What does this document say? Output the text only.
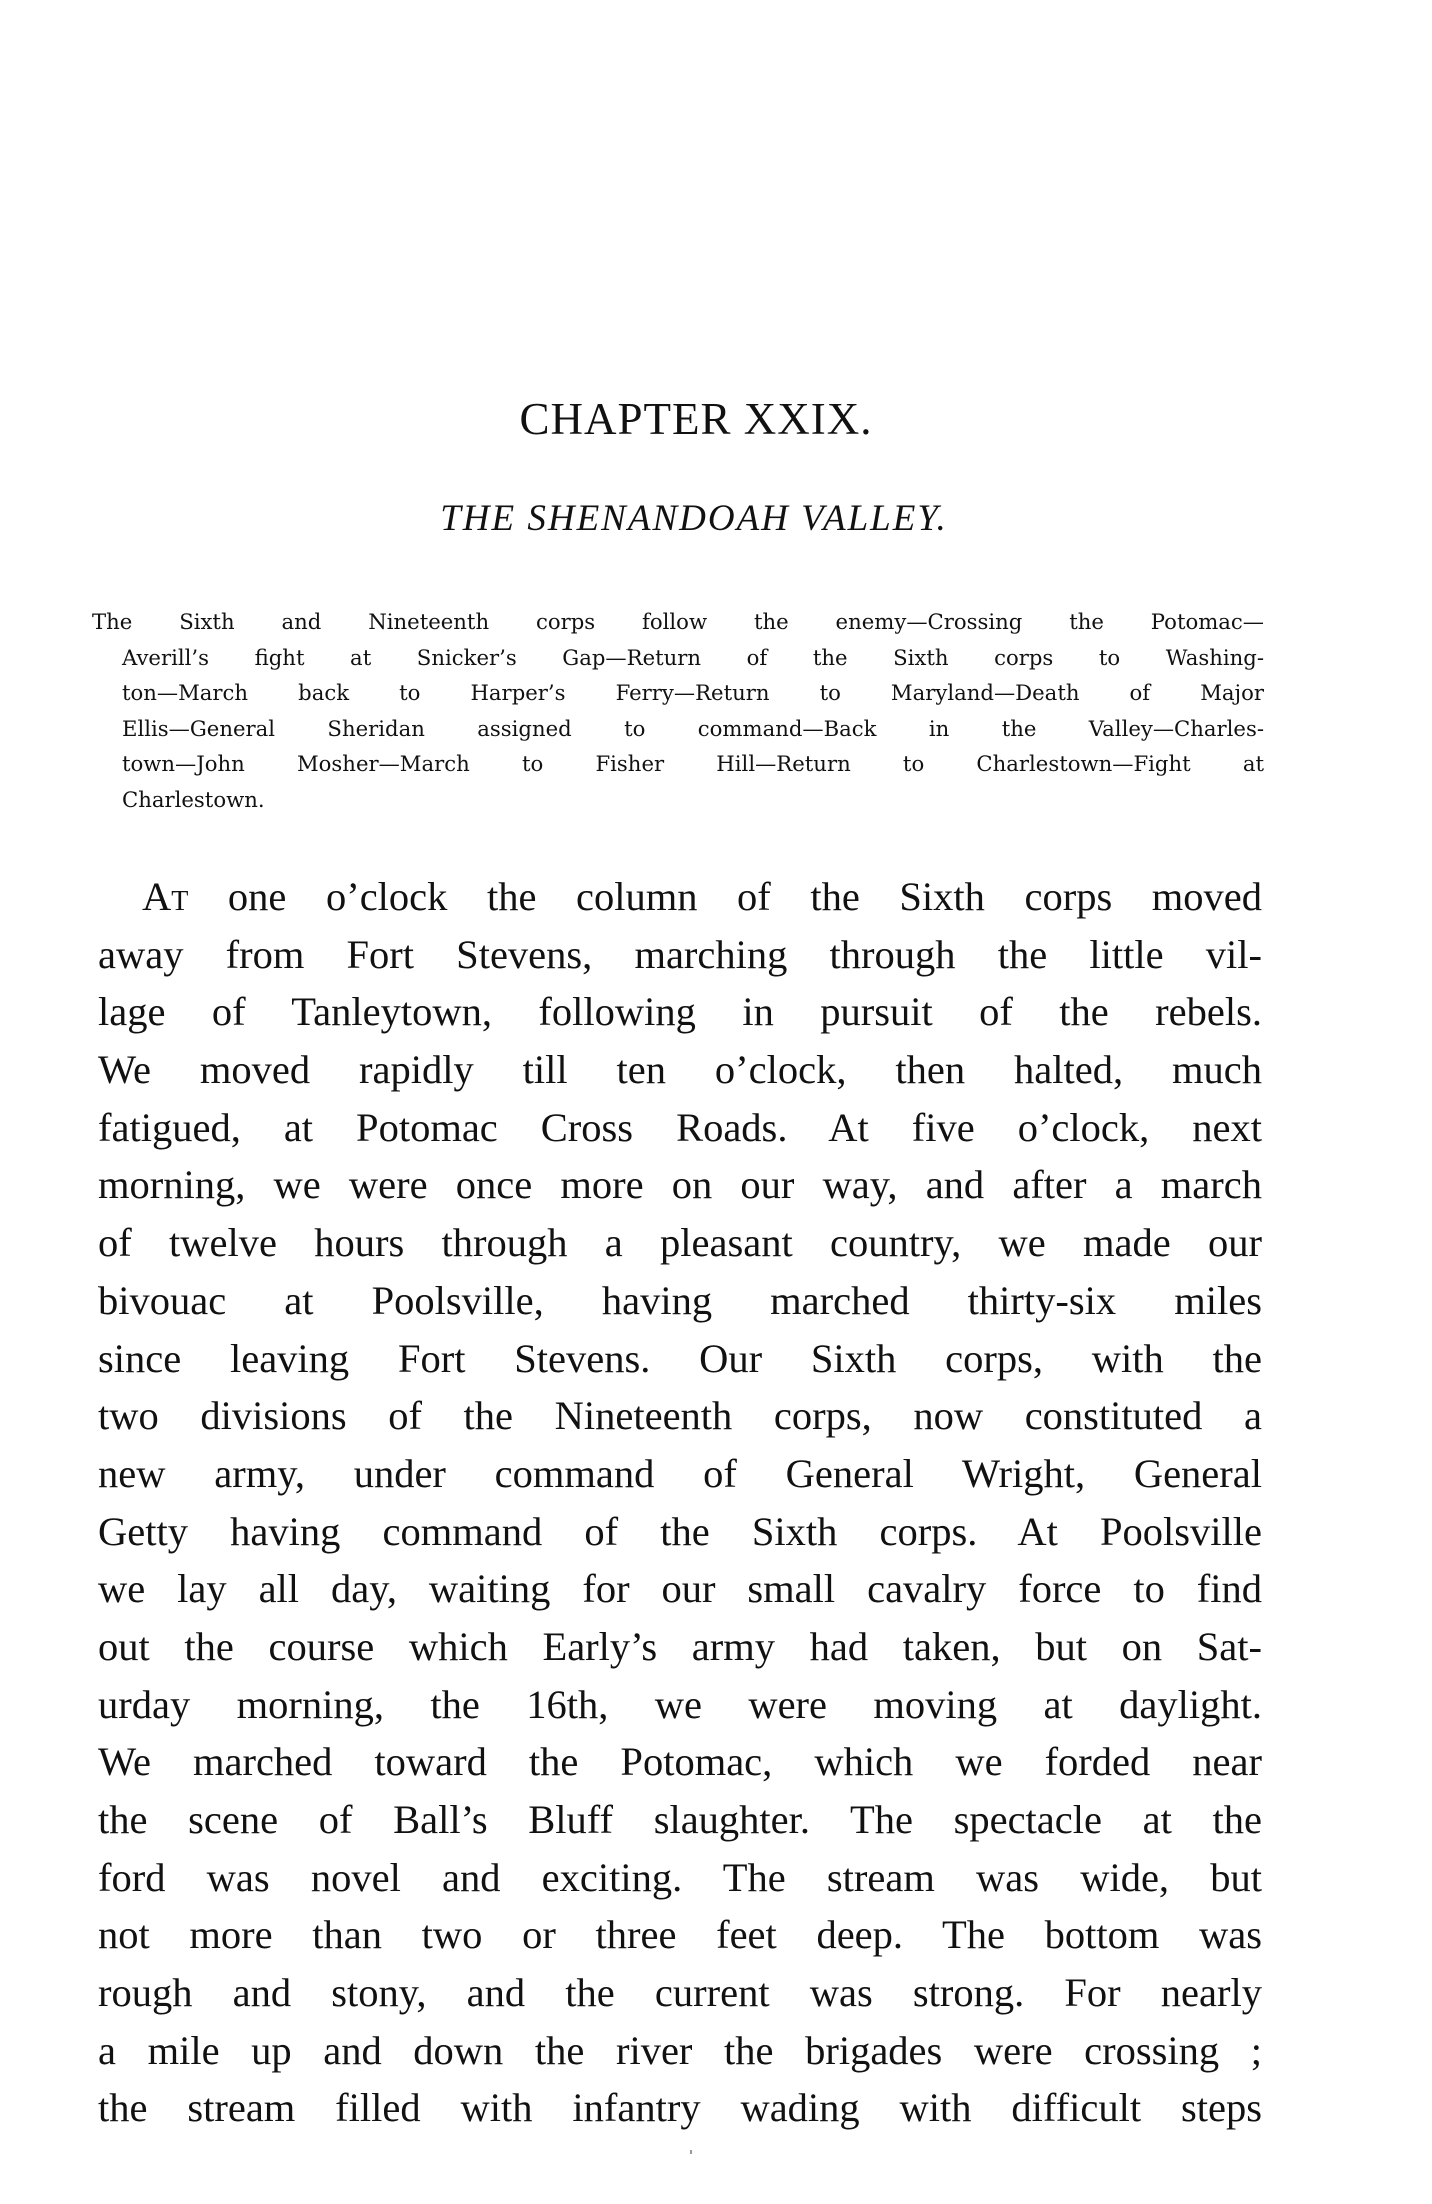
CHAPTER XXIX.
THE SHENANDOAH VALLEY.
The Sixth and Nineteenth corps follow the enemy—Crossing the Potomac—
Averill’s fight at Snicker’s Gap—Return of the Sixth corps to Washing-
ton—March back to Harper’s Ferry—Return to Maryland—Death of Major
Ellis—General Sheridan assigned to command—Back in the Valley—Charles-
town—John Mosher—March to Fisher Hill—Return to Charlestown—Fight at
Charlestown.
At one o’clock the column of the Sixth corps moved
away from Fort Stevens, marching through the little vil-
lage of Tanleytown, following in pursuit of the rebels.
We moved rapidly till ten o’clock, then halted, much
fatigued, at Potomac Cross Roads. At five o’clock, next
morning, we were once more on our way, and after a march
of twelve hours through a pleasant country, we made our
bivouac at Poolsville, having marched thirty-six miles
since leaving Fort Stevens. Our Sixth corps, with the
two divisions of the Nineteenth corps, now constituted a
new army, under command of General Wright, General
Getty having command of the Sixth corps. At Poolsville
we lay all day, waiting for our small cavalry force to find
out the course which Early’s army had taken, but on Sat-
urday morning, the 16th, we were moving at daylight.
We marched toward the Potomac, which we forded near
the scene of Ball’s Bluff slaughter. The spectacle at the
ford was novel and exciting. The stream was wide, but
not more than two or three feet deep. The bottom was
rough and stony, and the current was strong. For nearly
a mile up and down the river the brigades were crossing ;
the stream filled with infantry wading with difficult steps
